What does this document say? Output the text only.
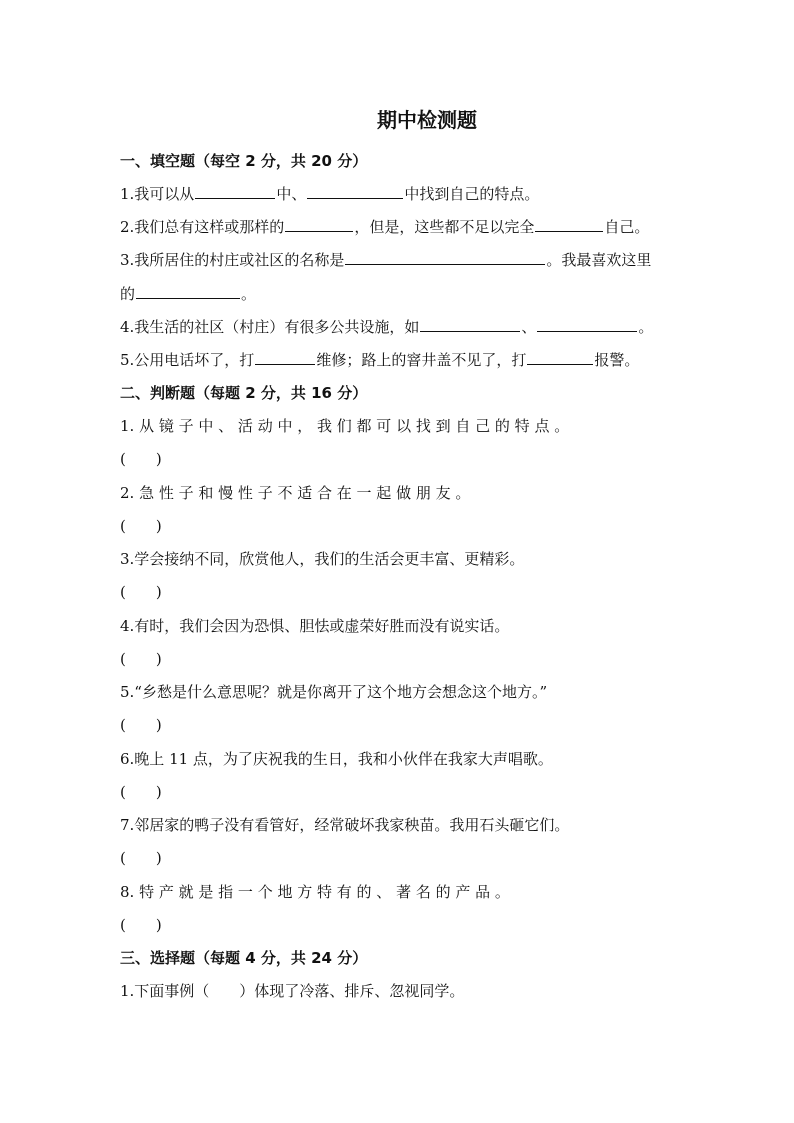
期中检测题
一、填空题（每空 2 分，共 20 分）
1.我可以从	中、	中找到自己的特点。
2.我们总有这样或那样的	，但是，这些都不足以完全	自己。
3.我所居住的村庄或社区的名称是	。我最喜欢这里
的	。
4.我生活的社区（村庄）有很多公共设施，如	、	。
5.公用电话坏了，打	维修；路上的窨井盖不见了，打	报警。
二、判断题（每题 2 分，共 16 分）
1. 从 镜 子 中 、 活 动 中 ， 我 们 都 可 以 找 到 自 己 的 特 点 。
(　　)
2. 急 性 子 和 慢 性 子 不 适 合 在 一 起 做 朋 友 。
(　　)
3.学会接纳不同，欣赏他人，我们的生活会更丰富、更精彩。
(　　)
4.有时，我们会因为恐惧、胆怯或虚荣好胜而没有说实话。
(　　)
5.“乡愁是什么意思呢？就是你离开了这个地方会想念这个地方。”
(　　)
6.晚上 11 点，为了庆祝我的生日，我和小伙伴在我家大声唱歌。
(　　)
7.邻居家的鸭子没有看管好，经常破坏我家秧苗。我用石头砸它们。
(　　)
8. 特 产 就 是 指 一 个 地 方 特 有 的 、 著 名 的 产 品 。
(　　)
三、选择题（每题 4 分，共 24 分）
1.下面事例（　　）体现了冷落、排斥、忽视同学。
